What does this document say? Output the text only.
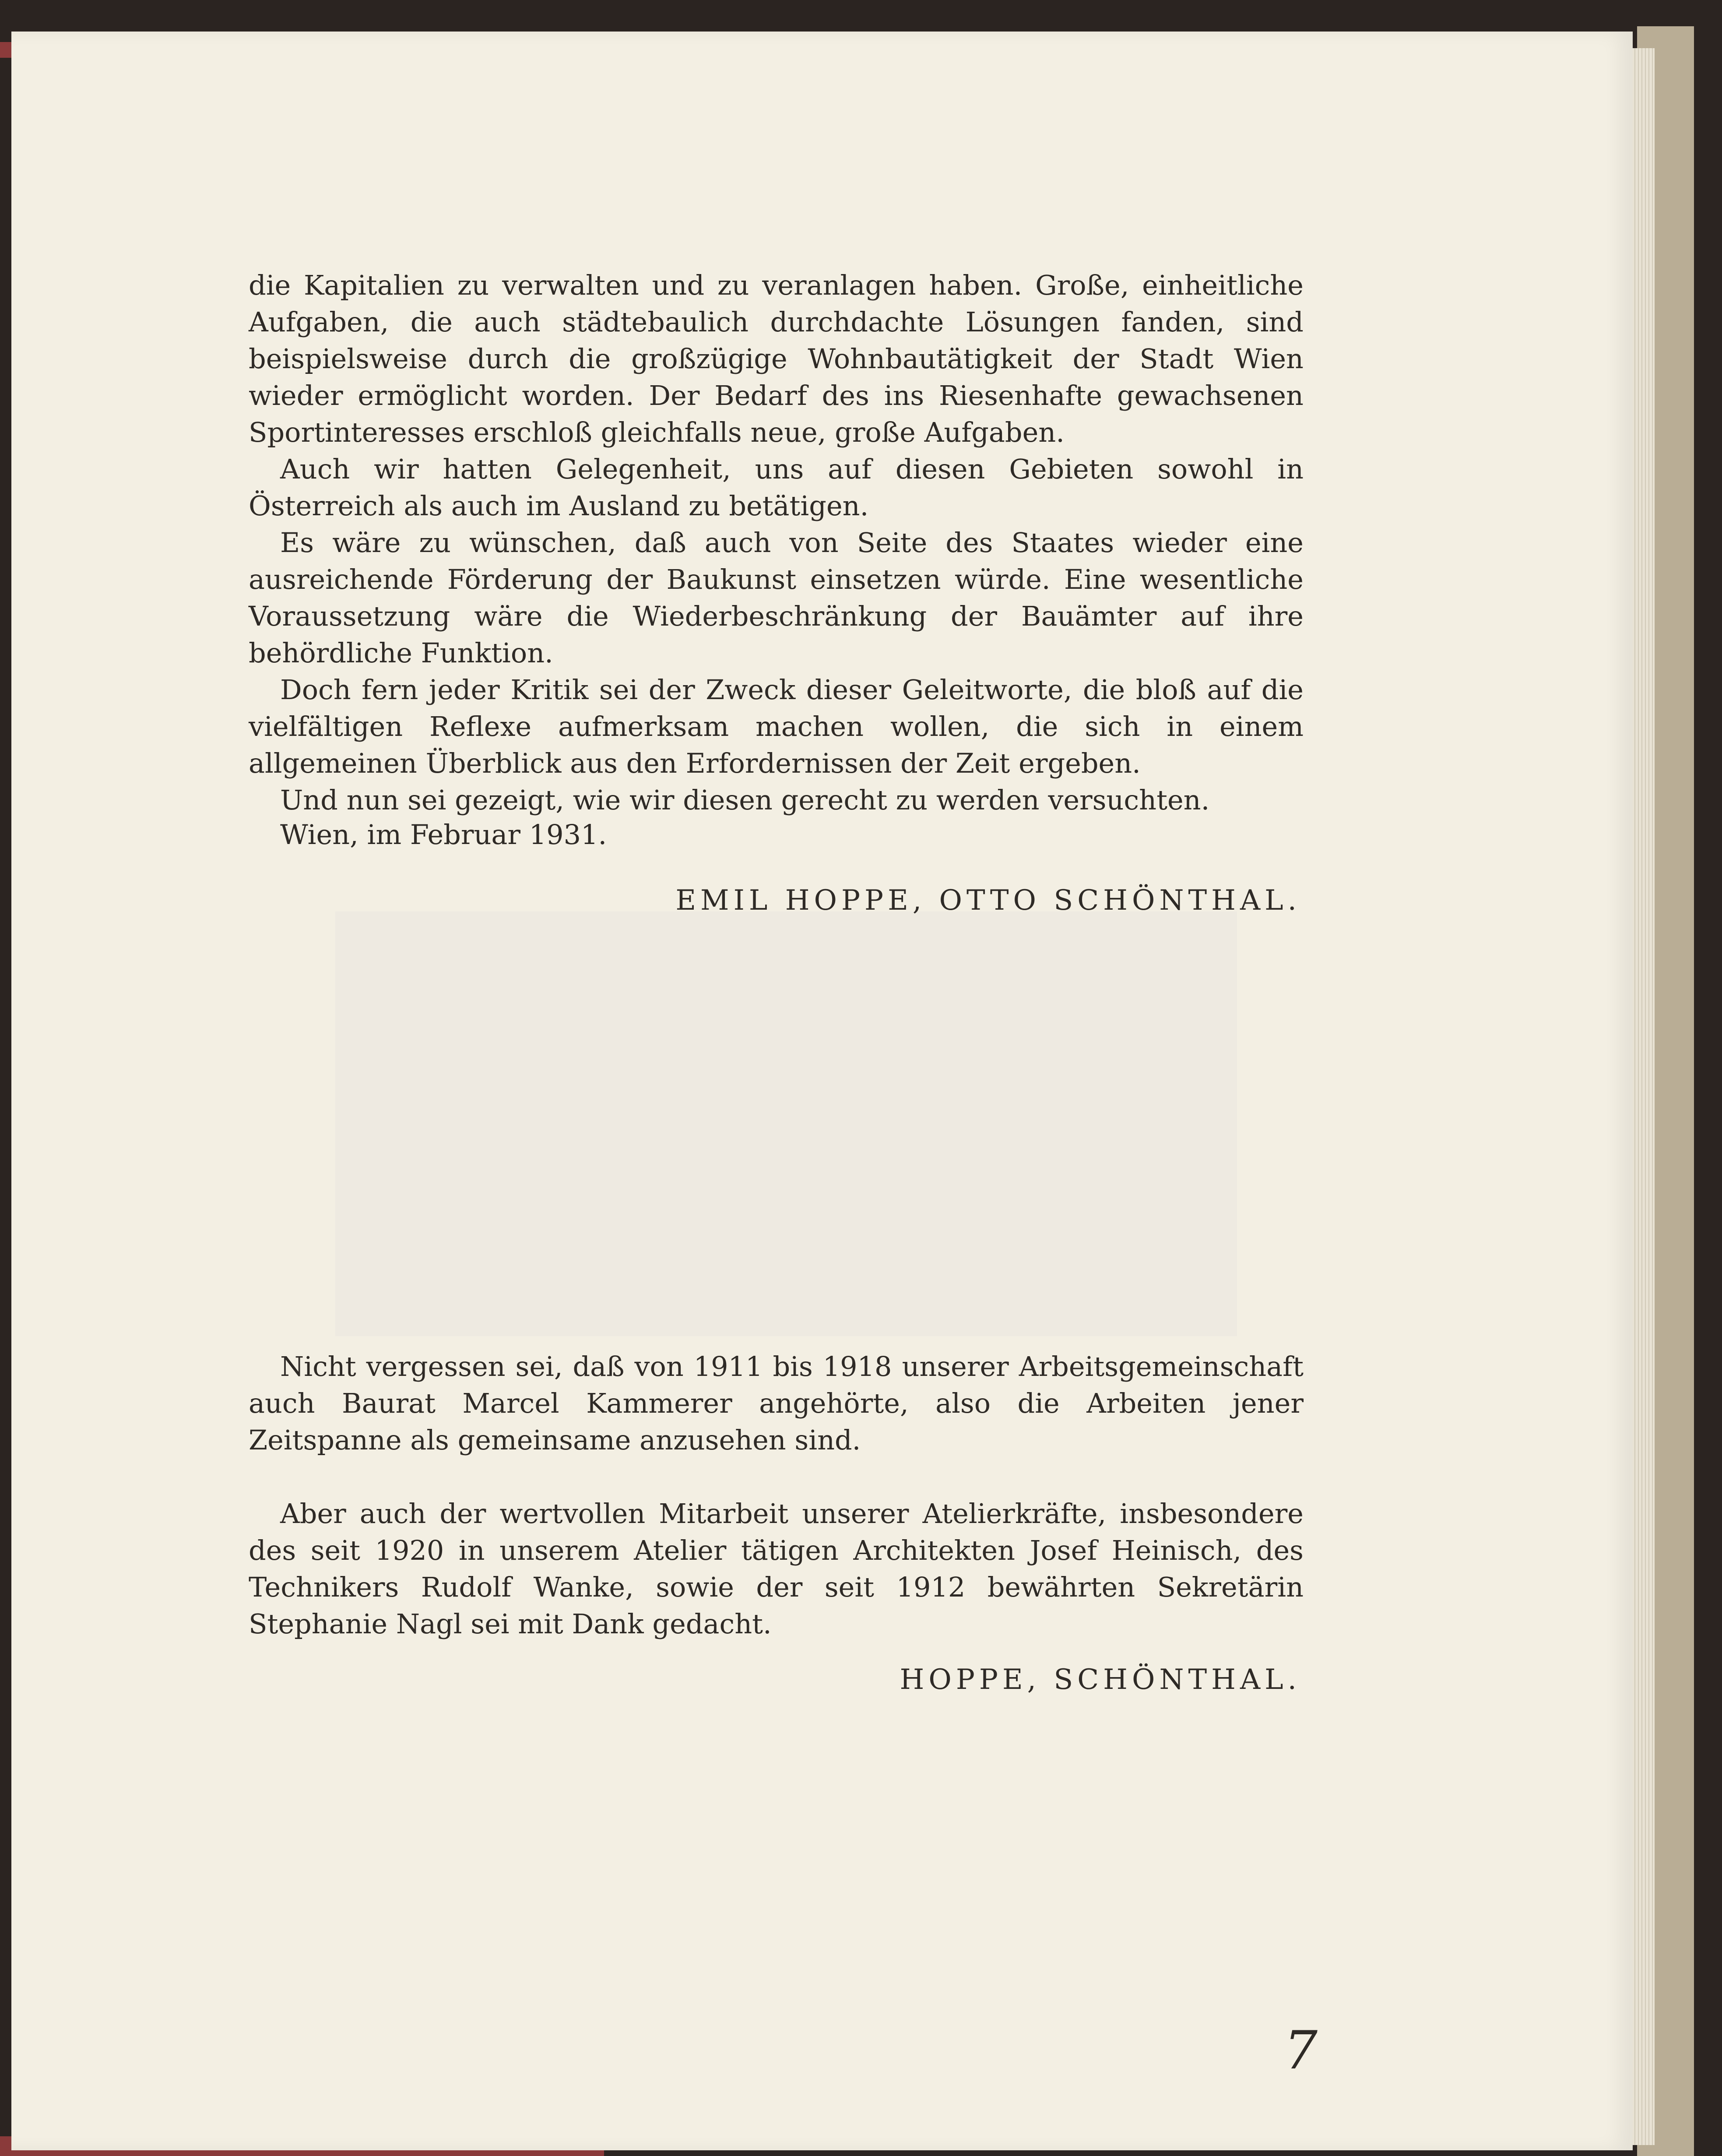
die Kapitalien zu verwalten und zu veranlagen haben. Große, einheitliche Aufgaben, die auch städtebaulich durchdachte Lösungen fanden, sind beispielsweise durch die großzügige Wohnbautätigkeit der Stadt Wien wieder ermöglicht worden. Der Bedarf des ins Riesenhafte gewachsenen Sportinteresses erschloß gleichfalls neue, große Aufgaben.

Auch wir hatten Gelegenheit, uns auf diesen Gebieten sowohl in Österreich als auch im Ausland zu betätigen.

Es wäre zu wünschen, daß auch von Seite des Staates wieder eine ausreichende Förderung der Baukunst einsetzen würde. Eine wesentliche Voraussetzung wäre die Wiederbeschränkung der Bauämter auf ihre behördliche Funktion.

Doch fern jeder Kritik sei der Zweck dieser Geleitworte, die bloß auf die vielfältigen Reflexe aufmerksam machen wollen, die sich in einem allgemeinen Überblick aus den Erfordernissen der Zeit ergeben.

Und nun sei gezeigt, wie wir diesen gerecht zu werden versuchten.

Wien, im Februar 1931.
EMIL HOPPE, OTTO SCHÖNTHAL.

Nicht vergessen sei, daß von 1911 bis 1918 unserer Arbeitsgemeinschaft auch Baurat Marcel Kammerer angehörte, also die Arbeiten jener Zeitspanne als gemeinsame anzusehen sind.

Aber auch der wertvollen Mitarbeit unserer Atelierkräfte, insbesondere des seit 1920 in unserem Atelier tätigen Architekten Josef Heinisch, des Technikers Rudolf Wanke, sowie der seit 1912 bewährten Sekretärin Stephanie Nagl sei mit Dank gedacht.

HOPPE, SCHÖNTHAL.
7
